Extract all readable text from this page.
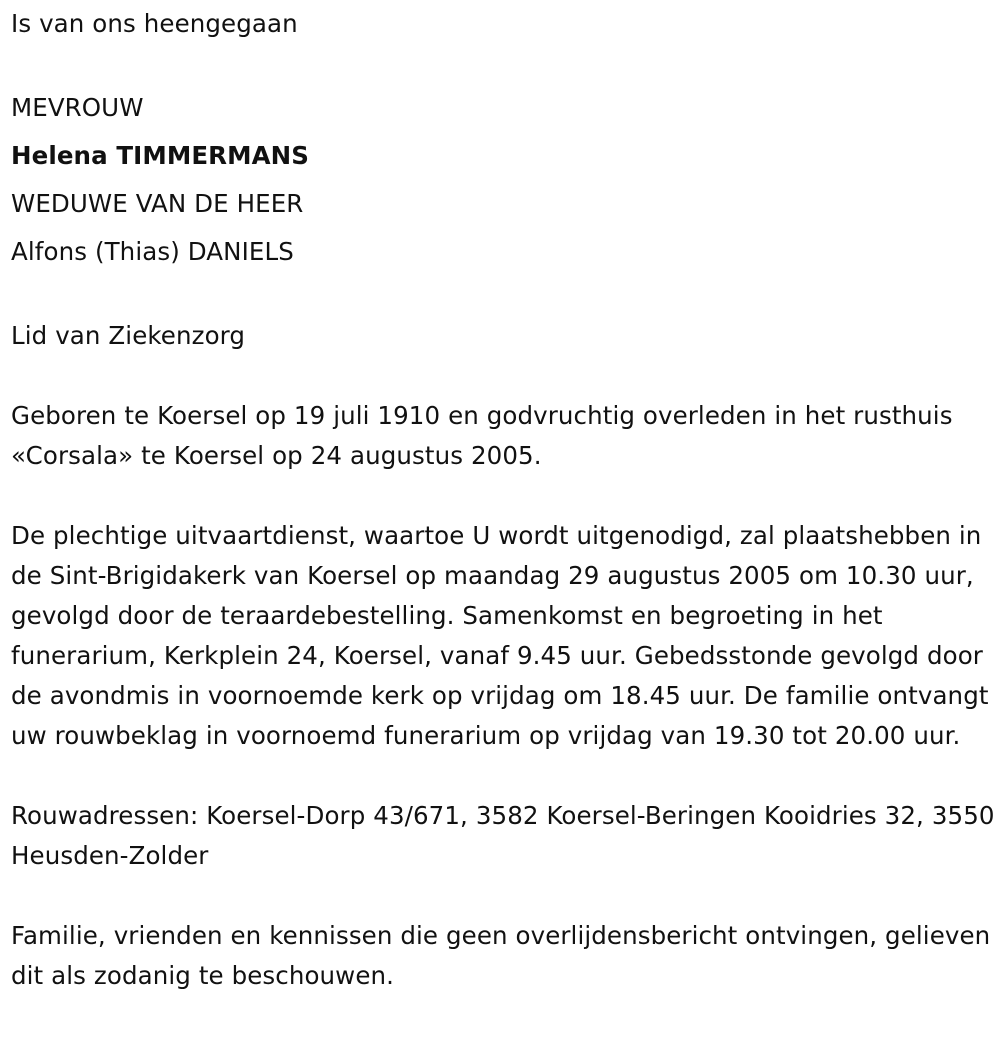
Is van ons heengegaan

MEVROUW
Helena TIMMERMANS
WEDUWE VAN DE HEER
Alfons (Thias) DANIELS

Lid van Ziekenzorg

Geboren te Koersel op 19 juli 1910 en godvruchtig overleden in het rusthuis «Corsala» te Koersel op 24 augustus 2005.

De plechtige uitvaartdienst, waartoe U wordt uitgenodigd, zal plaatshebben in de Sint-Brigidakerk van Koersel op maandag 29 augustus 2005 om 10.30 uur, gevolgd door de teraardebestelling. Samenkomst en begroeting in het funerarium, Kerkplein 24, Koersel, vanaf 9.45 uur. Gebedsstonde gevolgd door de avondmis in voornoemde kerk op vrijdag om 18.45 uur. De familie ontvangt uw rouwbeklag in voornoemd funerarium op vrijdag van 19.30 tot 20.00 uur.

Rouwadressen: Koersel-Dorp 43/671, 3582 Koersel-Beringen Kooidries 32, 3550 Heusden-Zolder

Familie, vrienden en kennissen die geen overlijdensbericht ontvingen, gelieven dit als zodanig te beschouwen.
